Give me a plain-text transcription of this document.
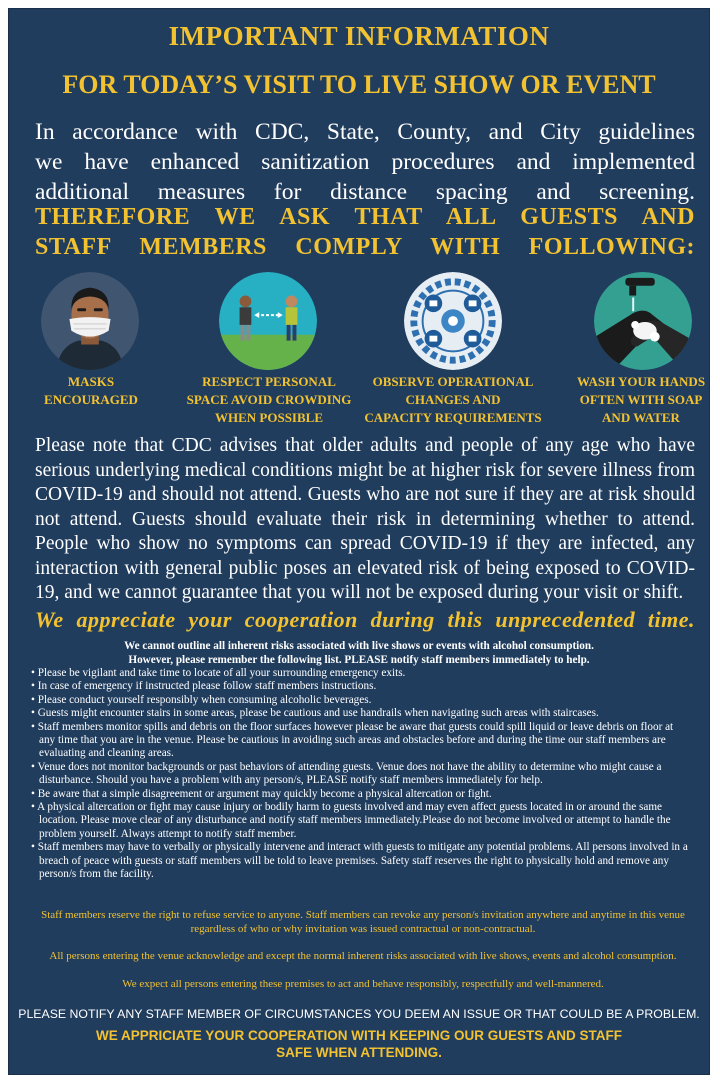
IMPORTANT INFORMATION
FOR TODAY’S VISIT TO LIVE SHOW OR EVENT
In accordance with CDC, State, County, and City guidelines
we have enhanced sanitization procedures and implemented
additional measures for distance spacing and screening.
THEREFORE WE ASK THAT ALL GUESTS AND
STAFF MEMBERS COMPLY WITH FOLLOWING:
MASKS
ENCOURAGED
RESPECT PERSONAL
SPACE AVOID CROWDING
WHEN POSSIBLE
OBSERVE OPERATIONAL
CHANGES AND
CAPACITY REQUIREMENTS
WASH YOUR HANDS
OFTEN WITH SOAP
AND WATER
Please note that CDC advises that older adults and people of any age who have serious underlying medical conditions might be at higher risk for severe illness from COVID-19 and should not attend. Guests who are not sure if they are at risk should not attend. Guests should evaluate their risk in determining whether to attend. People who show no symptoms can spread COVID-19 if they are infected, any interaction with general public poses an elevated risk of being exposed to COVID-19, and we cannot guarantee that you will not be exposed during your visit or shift.
We appreciate your cooperation during this unprecedented time.
We cannot outline all inherent risks associated with live shows or events with alcohol consumption.
However, please remember the following list. PLEASE notify staff members immediately to help.
• Please be vigilant and take time to locate of all your surrounding emergency exits.
• In case of emergency if instructed please follow staff members instructions.
• Please conduct yourself responsibly when consuming alcoholic beverages.
• Guests might encounter stairs in some areas, please be cautious and use handrails when navigating such areas with staircases.
• Staff members monitor spills and debris on the floor surfaces however please be aware that guests could spill liquid or leave debris on floor at any time that you are in the venue. Please be cautious in avoiding such areas and obstacles before and during the time our staff members are evaluating and cleaning areas.
• Venue does not monitor backgrounds or past behaviors of attending guests. Venue does not have the ability to determine who might cause a disturbance. Should you have a problem with any person/s, PLEASE notify staff members immediately for help.
• Be aware that a simple disagreement or argument may quickly become a physical altercation or fight.
• A physical altercation or fight may cause injury or bodily harm to guests involved and may even affect guests located in or around the same location. Please move clear of any disturbance and notify staff members immediately.Please do not become involved or attempt to handle the problem yourself. Always attempt to notify staff member.
• Staff members may have to verbally or physically intervene and interact with guests to mitigate any potential problems. All persons involved in a breach of peace with guests or staff members will be told to leave premises. Safety staff reserves the right to physically hold and remove any person/s from the facility.
Staff members reserve the right to refuse service to anyone. Staff members can revoke any person/s invitation anywhere and anytime in this venue regardless of who or why invitation was issued contractual or non-contractual.
All persons entering the venue acknowledge and except the normal inherent risks associated with live shows, events and alcohol consumption.
We expect all persons entering these premises to act and behave responsibly, respectfully and well-mannered.
PLEASE NOTIFY ANY STAFF MEMBER OF CIRCUMSTANCES YOU DEEM AN ISSUE OR THAT COULD BE A PROBLEM.
WE APPRICIATE YOUR COOPERATION WITH KEEPING OUR GUESTS AND STAFF
SAFE WHEN ATTENDING.
